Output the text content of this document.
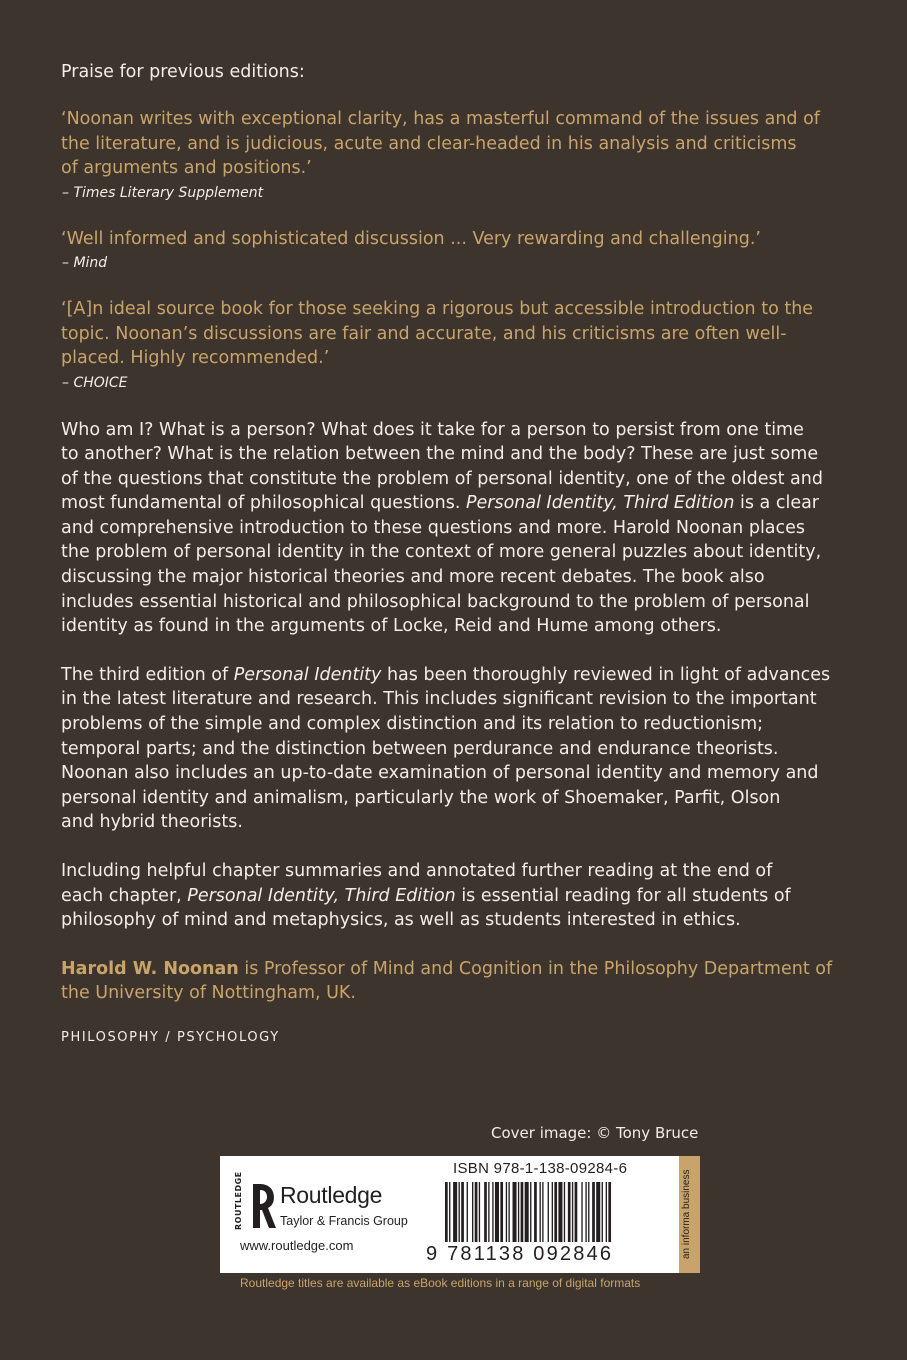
Praise for previous editions:

‘Noonan writes with exceptional clarity, has a masterful command of the issues and of
the literature, and is judicious, acute and clear-headed in his analysis and criticisms
of arguments and positions.’

– Times Literary Supplement

‘Well informed and sophisticated discussion ... Very rewarding and challenging.’

– Mind

‘[A]n ideal source book for those seeking a rigorous but accessible introduction to the
topic. Noonan’s discussions are fair and accurate, and his criticisms are often well-
placed. Highly recommended.’

– CHOICE

Who am I? What is a person? What does it take for a person to persist from one time
to another? What is the relation between the mind and the body? These are just some
of the questions that constitute the problem of personal identity, one of the oldest and
most fundamental of philosophical questions. Personal Identity, Third Edition is a clear
and comprehensive introduction to these questions and more. Harold Noonan places
the problem of personal identity in the context of more general puzzles about identity,
discussing the major historical theories and more recent debates. The book also
includes essential historical and philosophical background to the problem of personal
identity as found in the arguments of Locke, Reid and Hume among others.

The third edition of Personal Identity has been thoroughly reviewed in light of advances
in the latest literature and research. This includes significant revision to the important
problems of the simple and complex distinction and its relation to reductionism;
temporal parts; and the distinction between perdurance and endurance theorists.
Noonan also includes an up-to-date examination of personal identity and memory and
personal identity and animalism, particularly the work of Shoemaker, Parfit, Olson
and hybrid theorists.

Including helpful chapter summaries and annotated further reading at the end of
each chapter, Personal Identity, Third Edition is essential reading for all students of
philosophy of mind and metaphysics, as well as students interested in ethics.

Harold W. Noonan is Professor of Mind and Cognition in the Philosophy Department of
the University of Nottingham, UK.

PHILOSOPHY / PSYCHOLOGY
Cover image: © Tony Bruce
ROUTLEDGE Routledge
Taylor & Francis Group
www.routledge.com
ISBN 978-1-138-09284-6
9 781138 092846	an informa business
Routledge titles are available as eBook editions in a range of digital formats
